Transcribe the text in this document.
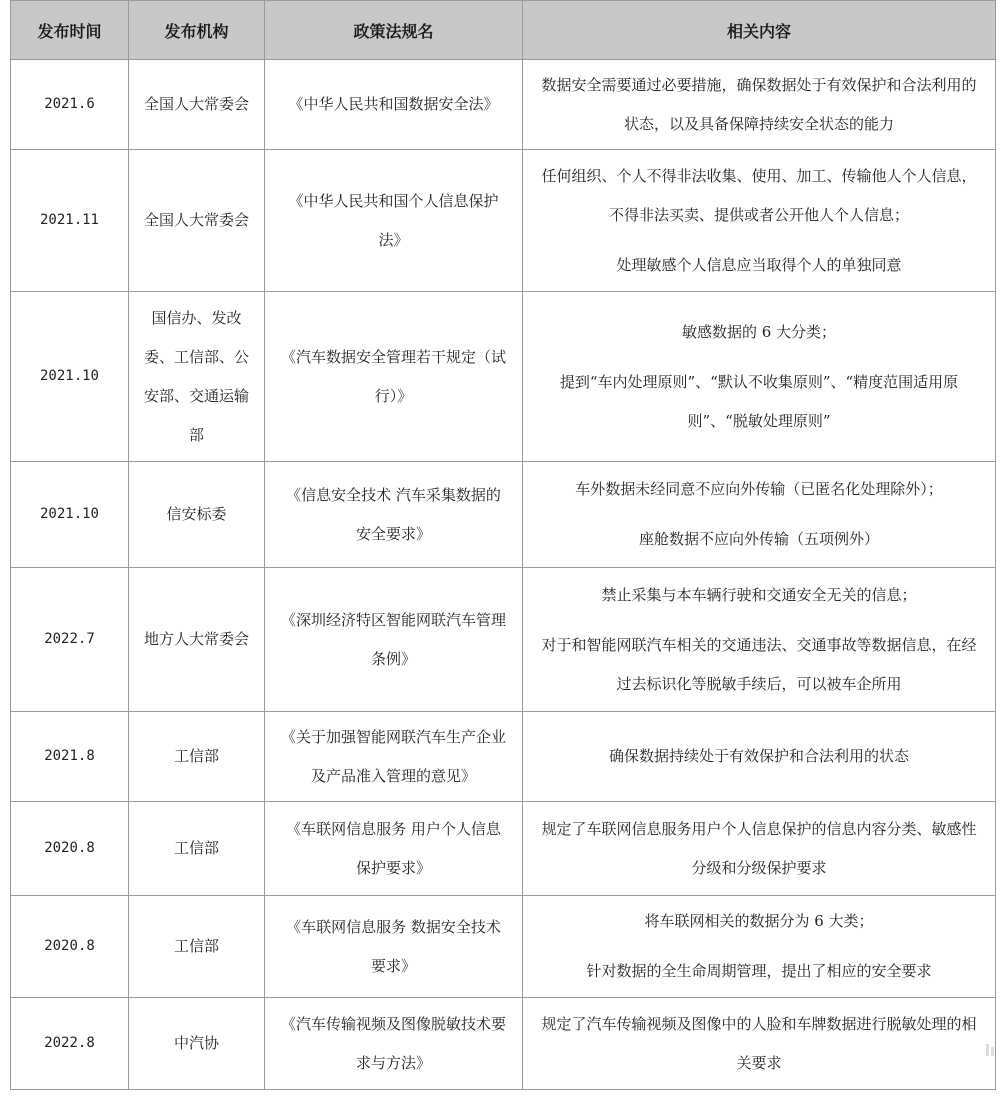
发布时间	发布机构	政策法规名	相关内容
2021.6	全国人大常委会	《中华人民共和国数据安全法》	数据安全需要通过必要措施，确保数据处于有效保护和合法利用的状态，以及具备保障持续安全状态的能力

2021.11	全国人大常委会	《中华人民共和国个人信息保护法》	任何组织、个人不得非法收集、使用、加工、传输他人个人信息，不得非法买卖、提供或者公开他人个人信息；
处理敏感个人信息应当取得个人的单独同意

2021.10	国信办、发改委、工信部、公安部、交通运输部	《汽车数据安全管理若干规定（试行）》	敏感数据的 6 大分类；
提到“车内处理原则”、“默认不收集原则”、“精度范围适用原则”、“脱敏处理原则”

2021.10	信安标委	《信息安全技术 汽车采集数据的安全要求》	车外数据未经同意不应向外传输（已匿名化处理除外）；
座舱数据不应向外传输（五项例外）

2022.7	地方人大常委会	《深圳经济特区智能网联汽车管理条例》	禁止采集与本车辆行驶和交通安全无关的信息；
对于和智能网联汽车相关的交通违法、交通事故等数据信息，在经过去标识化等脱敏手续后，可以被车企所用

2021.8	工信部	《关于加强智能网联汽车生产企业及产品准入管理的意见》	确保数据持续处于有效保护和合法利用的状态

2020.8	工信部	《车联网信息服务 用户个人信息保护要求》	规定了车联网信息服务用户个人信息保护的信息内容分类、敏感性分级和分级保护要求

2020.8	工信部	《车联网信息服务 数据安全技术要求》	将车联网相关的数据分为 6 大类；
针对数据的全生命周期管理，提出了相应的安全要求

2022.8	中汽协	《汽车传输视频及图像脱敏技术要求与方法》	规定了汽车传输视频及图像中的人脸和车牌数据进行脱敏处理的相关要求
